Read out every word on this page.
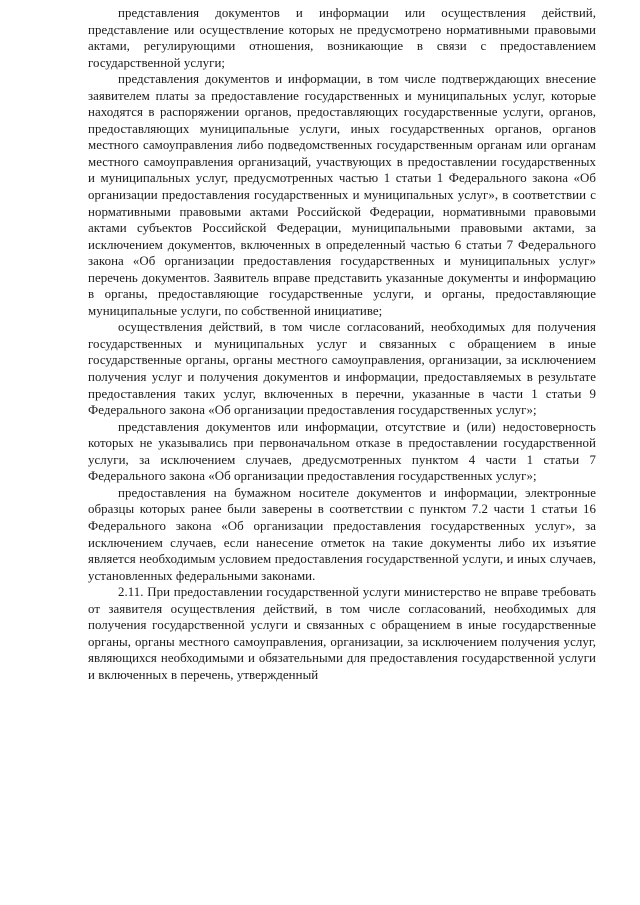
представления документов и информации или осуществления действий, представление или осуществление которых не предусмотрено нормативными правовыми актами, регулирующими отношения, возникающие в связи с предоставлением государственной услуги;

представления документов и информации, в том числе подтверждающих внесение заявителем платы за предоставление государственных и муниципальных услуг, которые находятся в распоряжении органов, предоставляющих государственные услуги, органов, предоставляющих муниципальные услуги, иных государственных органов, органов местного самоуправления либо подведомственных государственным органам или органам местного самоуправления организаций, участвующих в предоставлении государственных и муниципальных услуг, предусмотренных частью 1 статьи 1 Федерального закона «Об организации предоставления государственных и муниципальных услуг», в соответствии с нормативными правовыми актами Российской Федерации, нормативными правовыми актами субъектов Российской Федерации, муниципальными правовыми актами, за исключением документов, включенных в определенный частью 6 статьи 7 Федерального закона «Об организации предоставления государственных и муниципальных услуг» перечень документов. Заявитель вправе представить указанные документы и информацию в органы, предоставляющие государственные услуги, и органы, предоставляющие муниципальные услуги, по собственной инициативе;

осуществления действий, в том числе согласований, необходимых для получения государственных и муниципальных услуг и связанных с обращением в иные государственные органы, органы местного самоуправления, организации, за исключением получения услуг и получения документов и информации, предоставляемых в результате предоставления таких услуг, включенных в перечни, указанные в части 1 статьи 9 Федерального закона «Об организации предоставления государственных услуг»;

представления документов или информации, отсутствие и (или) недостоверность которых не указывались при первоначальном отказе в предоставлении государственной услуги, за исключением случаев, дредусмотренных пунктом 4 части 1 статьи 7 Федерального закона «Об организации предоставления государственных услуг»;

предоставления на бумажном носителе документов и информации, электронные образцы которых ранее были заверены в соответствии с пунктом 7.2 части 1 статьи 16 Федерального закона «Об организации предоставления государственных услуг», за исключением случаев, если нанесение отметок на такие документы либо их изъятие является необходимым условием предоставления государственной услуги, и иных случаев, установленных федеральными законами.

2.11. При предоставлении государственной услуги министерство не вправе требовать от заявителя осуществления действий, в том числе согласований, необходимых для получения государственной услуги и связанных с обращением в иные государственные органы, органы местного самоуправления, организации, за исключением получения услуг, являющихся необходимыми и обязательными для предоставления государственной услуги и включенных в перечень, утвержденный
